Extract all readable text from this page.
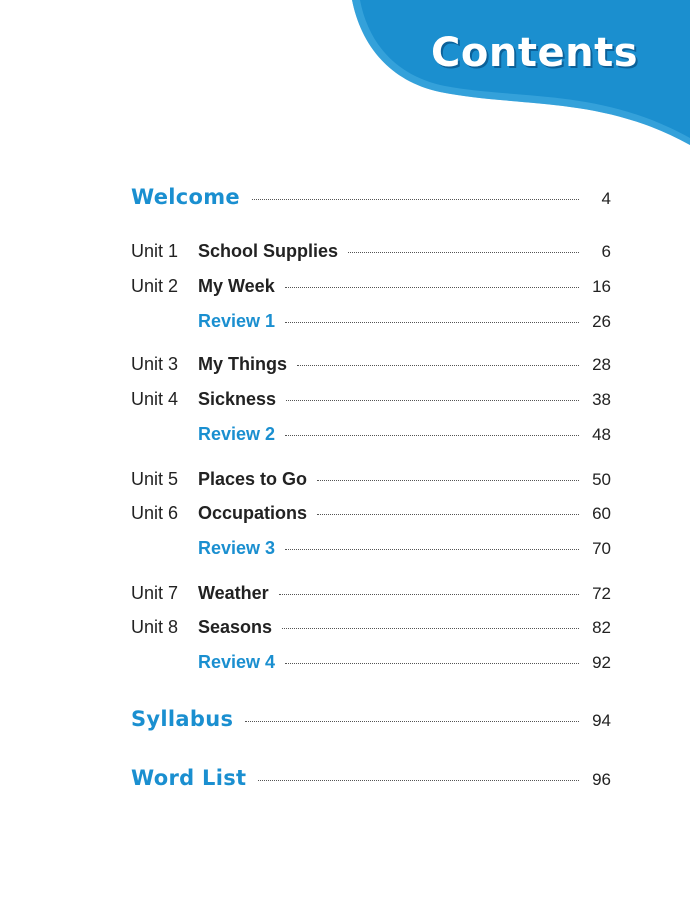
Contents
Welcome	4
Unit 1 School Supplies	6
Unit 2 My Week	16
Review 1	26
Unit 3 My Things	28
Unit 4 Sickness	38
Review 2	48
Unit 5 Places to Go	50
Unit 6 Occupations	60
Review 3	70
Unit 7 Weather	72
Unit 8 Seasons	82
Review 4	92
Syllabus	94
Word List	96
